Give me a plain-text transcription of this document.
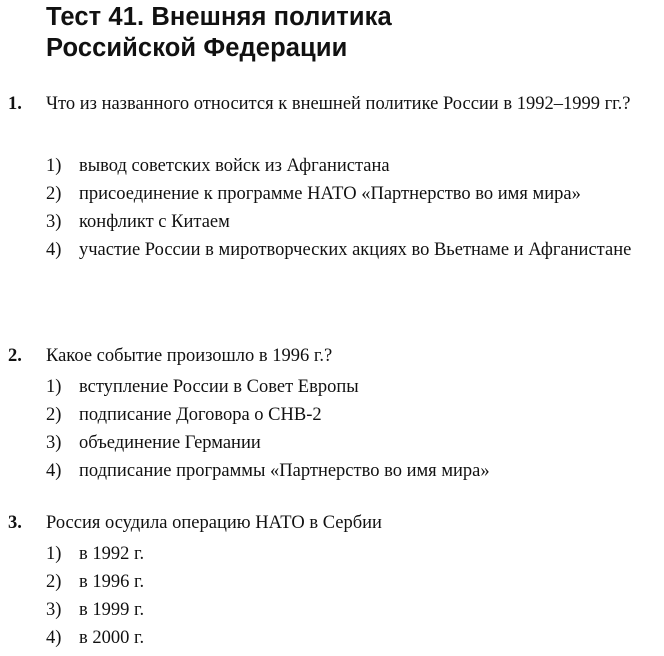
Тест 41. Внешняя политика
Российской Федерации
1. Что из названного относится к внешней политике России в 1992–1999 гг.?
1) вывод советских войск из Афганистана
2) присоединение к программе НАТО «Партнерство во имя мира»
3) конфликт с Китаем
4) участие России в миротворческих акциях во Вьетнаме и Афганистане
2. Какое событие произошло в 1996 г.?
1) вступление России в Совет Европы
2) подписание Договора о СНВ-2
3) объединение Германии
4) подписание программы «Партнерство во имя мира»
3. Россия осудила операцию НАТО в Сербии
1) в 1992 г.
2) в 1996 г.
3) в 1999 г.
4) в 2000 г.
